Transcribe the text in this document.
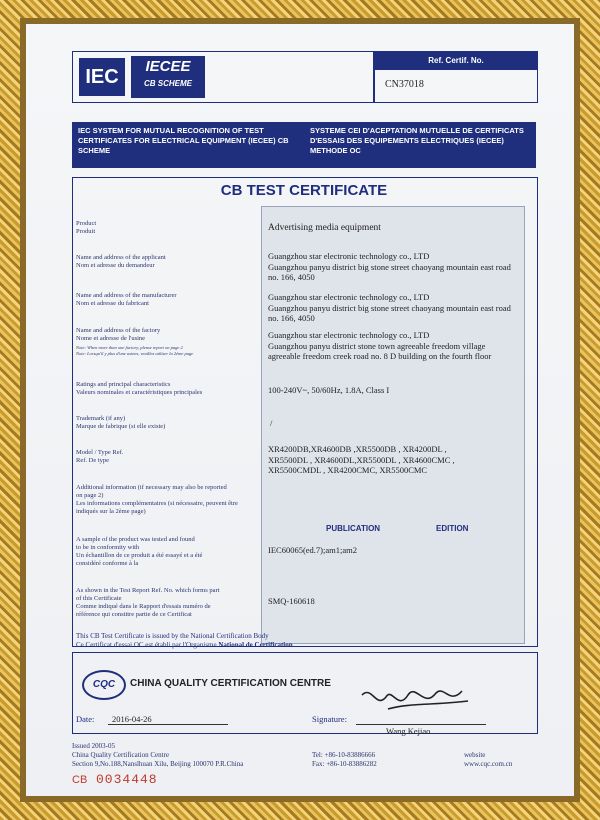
IEC	IECEE
CB SCHEME
Ref. Certif. No.
CN37018
IEC SYSTEM FOR MUTUAL RECOGNITION OF TEST CERTIFICATES FOR ELECTRICAL EQUIPMENT (IECEE) CB SCHEME
SYSTEME CEI D'ACEPTATION MUTUELLE DE CERTIFICATS D'ESSAIS DES EQUIPEMENTS ELECTRIQUES (IECEE) METHODE OC
CB TEST CERTIFICATE
Product
Produit	Advertising media equipment
Name and address of the applicant
Nom et adresse du demandeur
Guangzhou star electronic technology co., LTD
Guangzhou panyu district big stone street chaoyang mountain east road no. 166, 4050
Name and address of the manufacturer
Nom et adresse du fabricant
Guangzhou star electronic technology co., LTD
Guangzhou panyu district big stone street chaoyang mountain east road no. 166, 4050
Name and address of the factory
Nome et adresse de l'usine
Note: When more than one factory, please report on page 2
Note: Lorsqu'il y plus d'une usines, veuillez utiliser la 2ème page
Guangzhou star electronic technology co., LTD
Guangzhou panyu district stone town agreeable freedom village agreeable freedom creek road no. 8 D building on the fourth floor
Ratings and principal characteristics
Valeurs nominales et caractéristiques principales	100-240V~, 50/60Hz, 1.8A, Class I
Trademark (if any)
Marque de fabrique (si elle existe)	/
Model / Type Ref.
Ref. De type
XR4200DB,XR4600DB ,XR5500DB , XR4200DL ,
XR5500DL , XR4600DL,XR5500DL , XR4600CMC ,
XR5500CMDL , XR4200CMC, XR5500CMC
Additional information (if necessary may also be reported
on page 2)
Les informations complémentaires (si nécessaire, peuvent être
indiqués sur la 2ème page)
A sample of the product was tested and found
to be in conformity with
Un échantillon de ce produit a été essayé et a été
considéré conforme à la
PUBLICATION	EDITION
IEC60065(ed.7);am1;am2
As shown in the Test Report Ref. No. which forms part
of this Certificate
Comme indiqué dans le Rapport d'essais numéro de
référence qui constitre partie de ce Certificat
SMQ-160618
This CB Test Certificate is issued by the National Certification Body
Ce Certificat d'essai OC est établi par l'Organisme National de Certification
CQC	CHINA QUALITY CERTIFICATION CENTRE
Date: 2016-04-26	Signature:
Wang Kejiao
Issued 2003-05
China Quality Certification Centre
Section 9,No.188,Nanslhuan Xilu, Beijing 100070 P.R.China
Tel: +86-10-83886666
Fax: +86-10-83886282
website
www.cqc.com.cn
CB 0034448
